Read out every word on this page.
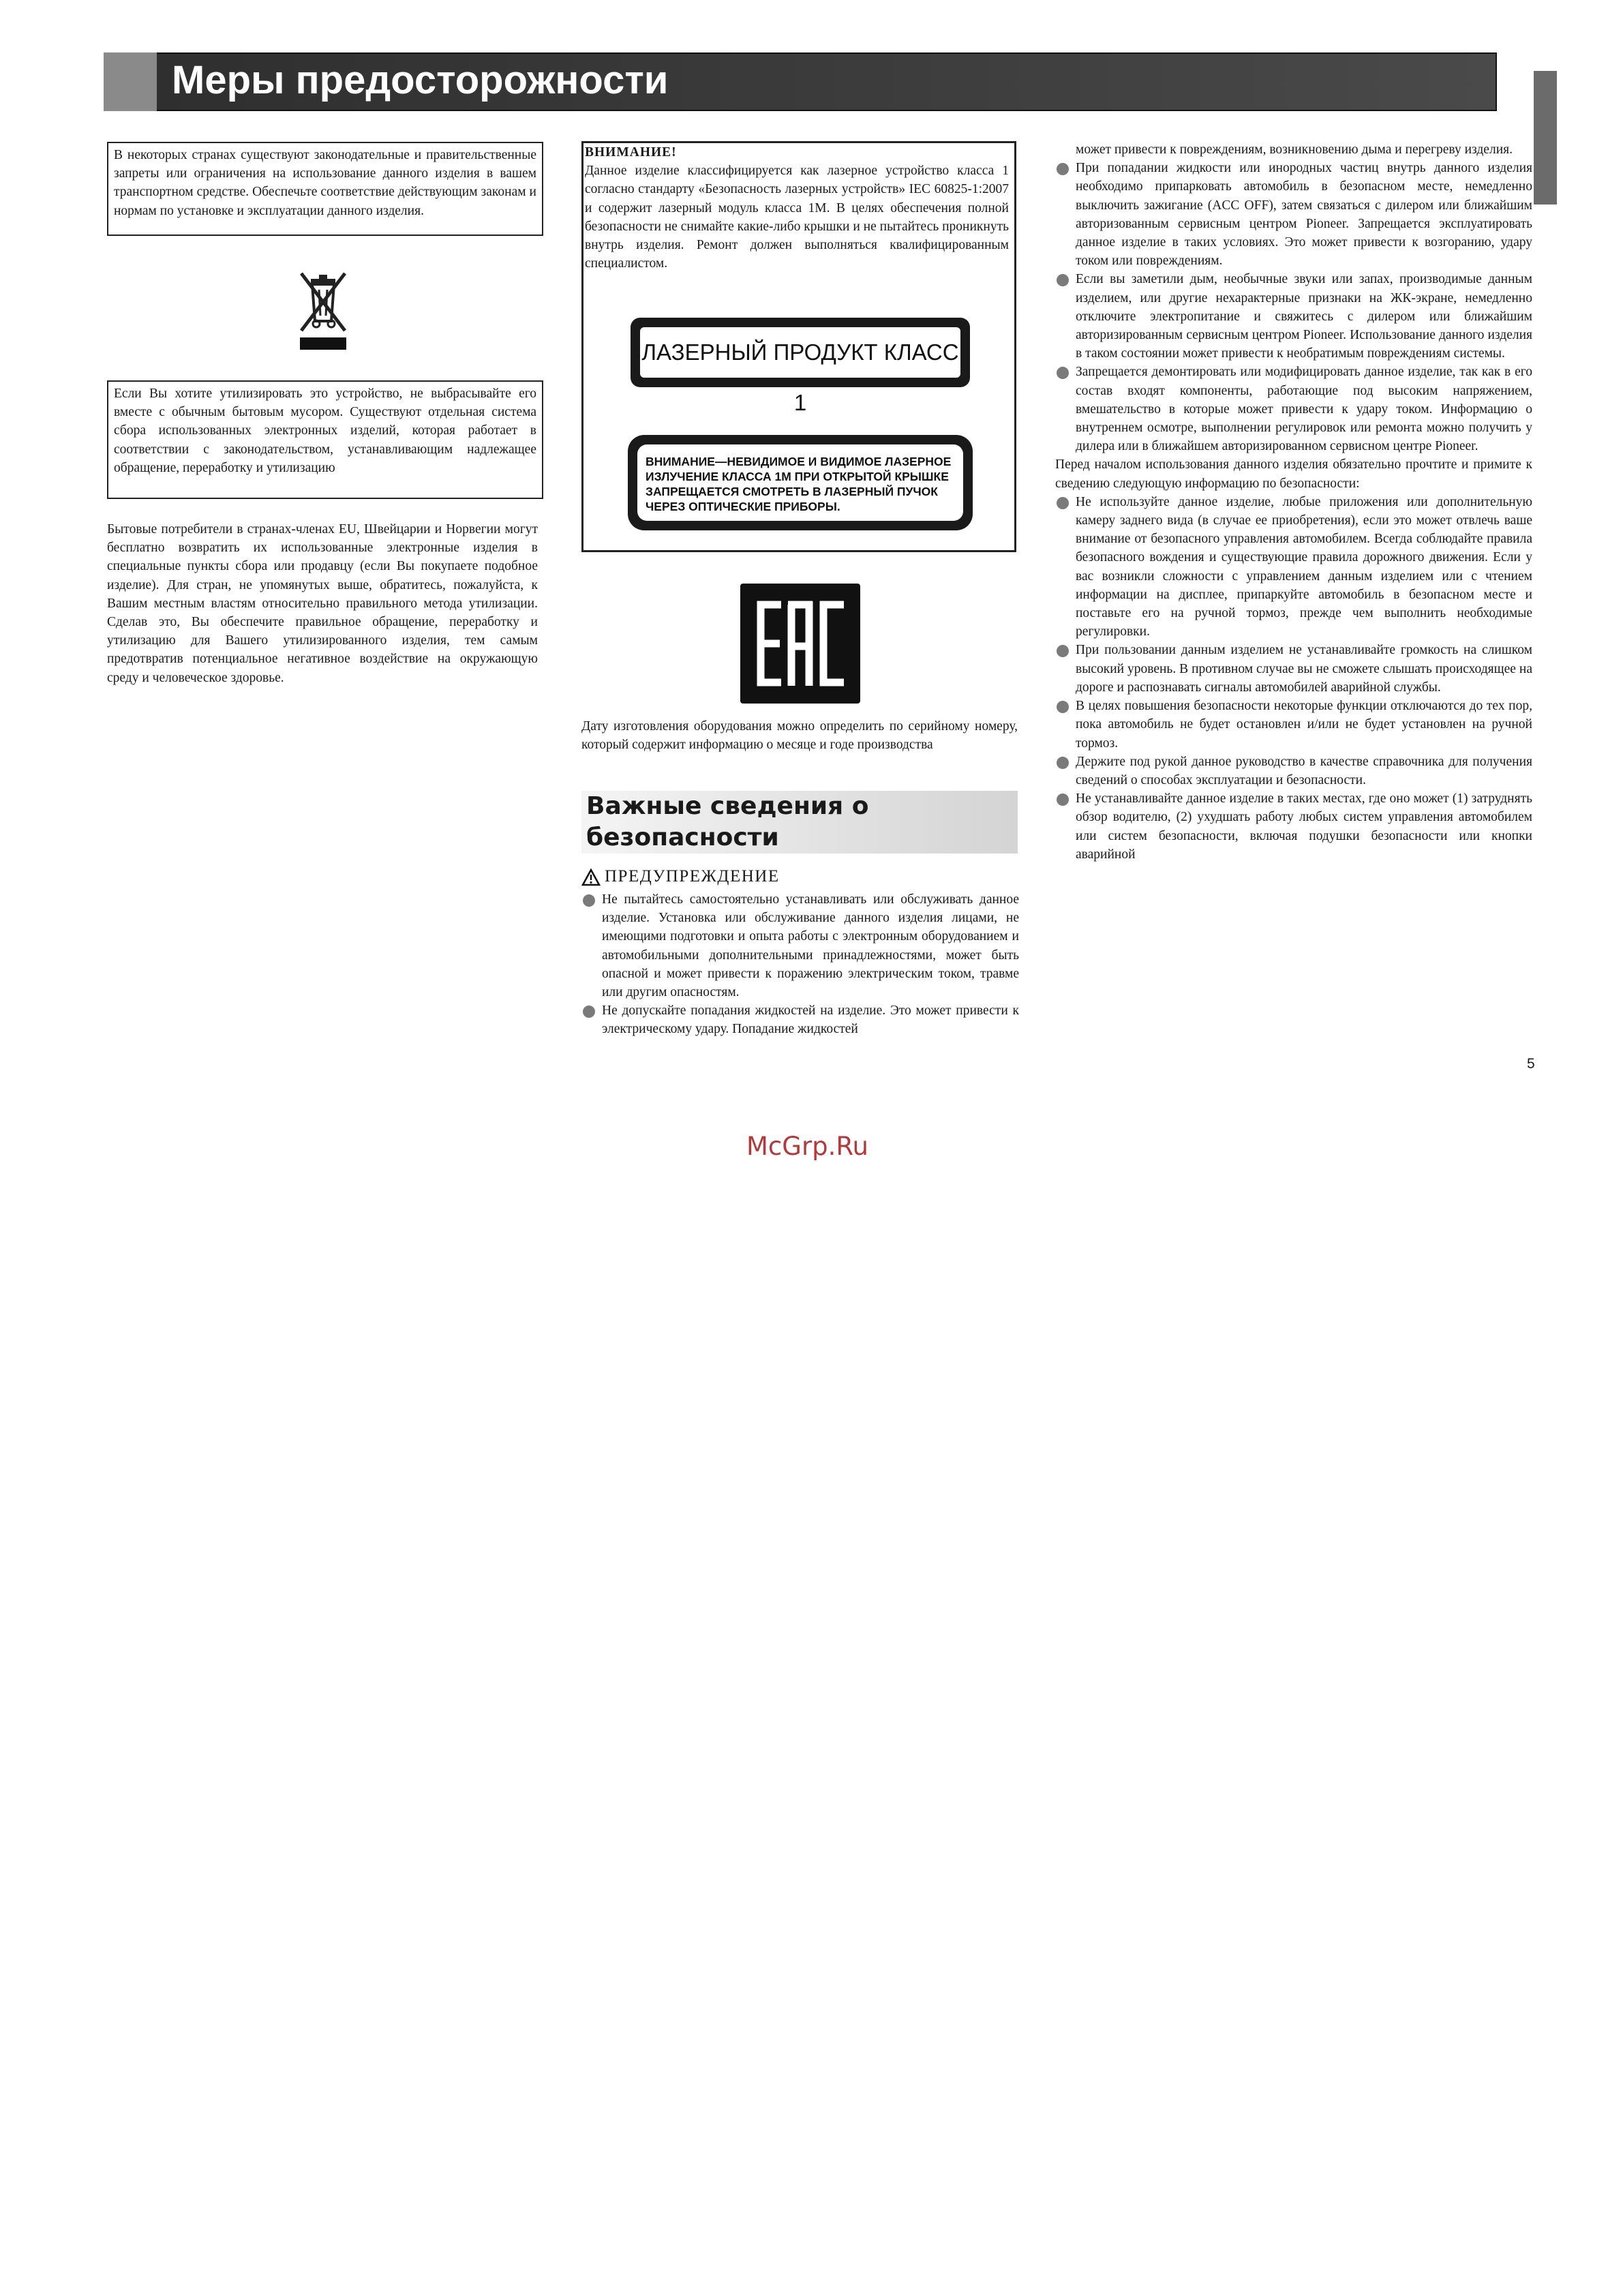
Меры предосторожности

В некоторых странах существуют законодательные и правительственные запреты или ограничения на использование данного изделия в вашем транспортном средстве. Обеспечьте соответствие действующим законам и нормам по установке и эксплуатации данного изделия.

Если Вы хотите утилизировать это устройство, не выбрасывайте его вместе с обычным бытовым мусором. Существуют отдельная система сбора использованных электронных изделий, которая работает в соответствии с законодательством, устанавливающим надлежащее обращение, переработку и утилизацию

Бытовые потребители в странах-членах EU, Швейцарии и Норвегии могут бесплатно возвратить их использованные электронные изделия в специальные пункты сбора или продавцу (если Вы покупаете подобное изделие). Для стран, не упомянутых выше, обратитесь, пожалуйста, к Вашим местным властям относительно правильного метода утилизации. Сделав это, Вы обеспечите правильное обращение, переработку и утилизацию для Вашего утилизированного изделия, тем самым предотвратив потенциальное негативное воздействие на окружающую среду и человеческое здоровье.

ВНИМАНИЕ!

Данное изделие классифицируется как лазерное устройство класса 1 согласно стандарту «Безопасность лазерных устройств» IEC 60825-1:2007 и содержит лазерный модуль класса 1M. В целях обеспечения полной безопасности не снимайте какие-либо крышки и не пытайтесь проникнуть внутрь изделия. Ремонт должен выполняться квалифицированным специалистом.

ЛАЗЕРНЫЙ ПРОДУКТ КЛАСС 1
ВНИМАНИЕ—НЕВИДИМОЕ И ВИДИМОЕ ЛАЗЕРНОЕ
ИЗЛУЧЕНИЕ КЛАССА 1M ПРИ ОТКРЫТОЙ КРЫШКЕ
ЗАПРЕЩАЕТСЯ СМОТРЕТЬ В ЛАЗЕРНЫЙ ПУЧОК
ЧЕРЕЗ ОПТИЧЕСКИЕ ПРИБОРЫ.
EAC

Дату изготовления оборудования можно определить по серийному номеру, который содержит информацию о месяце и годе производства

Важные сведения о
безопасности
ПРЕДУПРЕЖДЕНИЕ
Не пытайтесь самостоятельно устанавливать или обслуживать данное изделие. Установка или обслуживание данного изделия лицами, не имеющими подготовки и опыта работы с электронным оборудованием и автомобильными дополнительными принадлежностями, может быть опасной и может привести к поражению электрическим током, травме или другим опасностям.
Не допускайте попадания жидкостей на изделие. Это может привести к электрическому удару. Попадание жидкостей

может привести к повреждениям, возникновению дыма и перегреву изделия.

При попадании жидкости или инородных частиц внутрь данного изделия необходимо припарковать автомобиль в безопасном месте, немедленно выключить зажигание (ACC OFF), затем связаться с дилером или ближайшим авторизованным сервисным центром Pioneer. Запрещается эксплуатировать данное изделие в таких условиях. Это может привести к возгоранию, удару током или повреждениям.
Если вы заметили дым, необычные звуки или запах, производимые данным изделием, или другие нехарактерные признаки на ЖК-экране, немедленно отключите электропитание и свяжитесь с дилером или ближайшим авторизированным сервисным центром Pioneer. Использование данного изделия в таком состоянии может привести к необратимым повреждениям системы.
Запрещается демонтировать или модифицировать данное изделие, так как в его состав входят компоненты, работающие под высоким напряжением, вмешательство в которые может привести к удару током. Информацию о внутреннем осмотре, выполнении регулировок или ремонта можно получить у дилера или в ближайшем авторизированном сервисном центре Pioneer.

Перед началом использования данного изделия обязательно прочтите и примите к сведению следующую информацию по безопасности:

Не используйте данное изделие, любые приложения или дополнительную камеру заднего вида (в случае ее приобретения), если это может отвлечь ваше внимание от безопасного управления автомобилем. Всегда соблюдайте правила безопасного вождения и существующие правила дорожного движения. Если у вас возникли сложности с управлением данным изделием или с чтением информации на дисплее, припаркуйте автомобиль в безопасном месте и поставьте его на ручной тормоз, прежде чем выполнить необходимые регулировки.
При пользовании данным изделием не устанавливайте громкость на слишком высокий уровень. В противном случае вы не сможете слышать происходящее на дороге и распознавать сигналы автомобилей аварийной службы.
В целях повышения безопасности некоторые функции отключаются до тех пор, пока автомобиль не будет остановлен и/или не будет установлен на ручной тормоз.
Держите под рукой данное руководство в качестве справочника для получения сведений о способах эксплуатации и безопасности.
Не устанавливайте данное изделие в таких местах, где оно может (1) затруднять обзор водителю, (2) ухудшать работу любых систем управления автомобилем или систем безопасности, включая подушки безопасности или кнопки аварийной
5
McGrp.Ru
